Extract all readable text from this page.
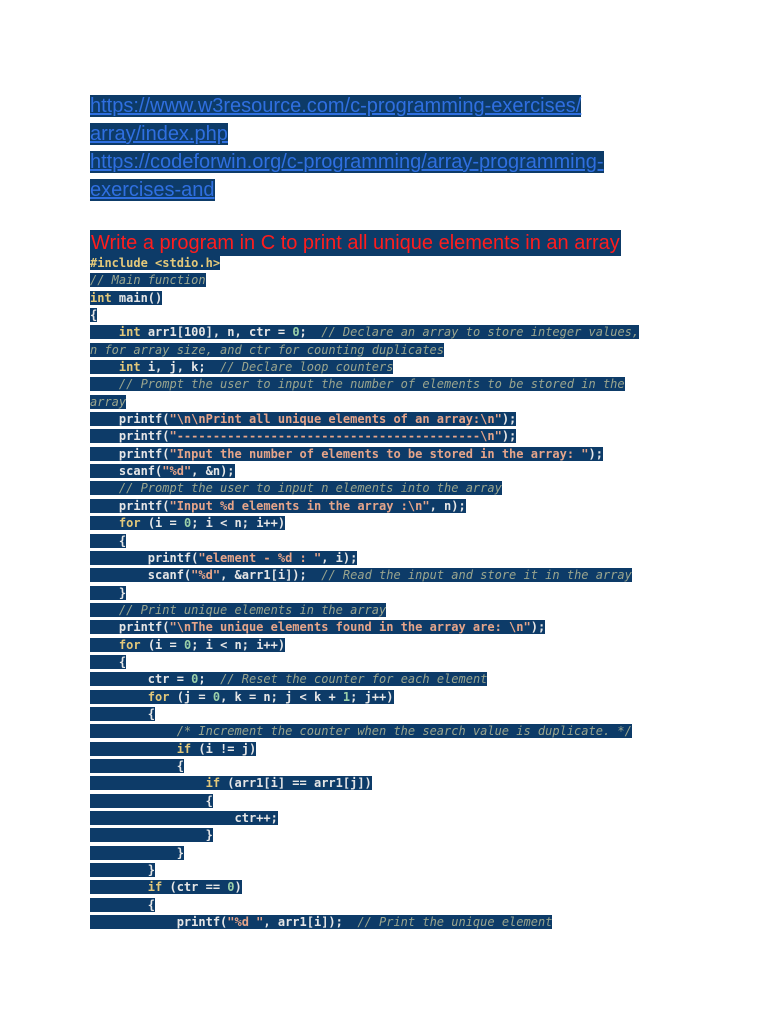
https://www.w3resource.com/c-programming-exercises/
array/index.php
https://codeforwin.org/c-programming/array-programming-
exercises-and
Write a program in C to print all unique elements in an array
#include <stdio.h>
// Main function
int main()
{
int arr1[100], n, ctr = 0;  // Declare an array to store integer values,
n for array size, and ctr for counting duplicates
int i, j, k;  // Declare loop counters
// Prompt the user to input the number of elements to be stored in the
array
printf("\n\nPrint all unique elements of an array:\n");
printf("------------------------------------------\n");
printf("Input the number of elements to be stored in the array: ");
scanf("%d", &n);
// Prompt the user to input n elements into the array
printf("Input %d elements in the array :\n", n);
for (i = 0; i < n; i++)
{
printf("element - %d : ", i);
scanf("%d", &arr1[i]);  // Read the input and store it in the array
}
// Print unique elements in the array
printf("\nThe unique elements found in the array are: \n");
for (i = 0; i < n; i++)
{
ctr = 0;  // Reset the counter for each element
for (j = 0, k = n; j < k + 1; j++)
{
/* Increment the counter when the search value is duplicate. */
if (i != j)
{
if (arr1[i] == arr1[j])
{
ctr++;
}
}
}
if (ctr == 0)
{
printf("%d ", arr1[i]);  // Print the unique element
